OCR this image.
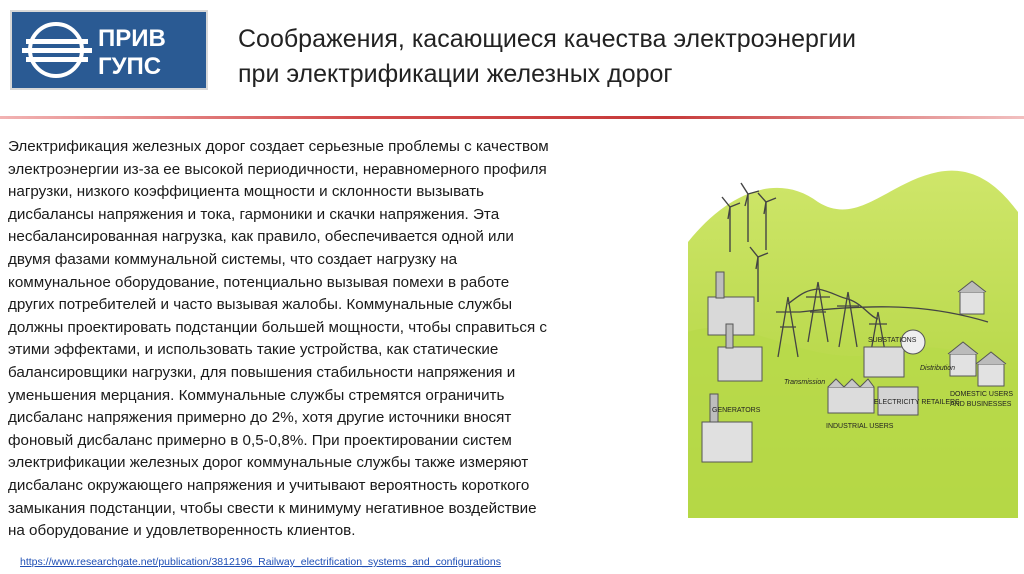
ПРИВ
ГУПС
Соображения, касающиеся качества электроэнергии
при электрификации железных дорог
Электрификация железных дорог создает серьезные проблемы с качеством
электроэнергии из-за ее высокой периодичности, неравномерного профиля
нагрузки, низкого коэффициента мощности и склонности вызывать
дисбалансы напряжения и тока, гармоники и скачки напряжения. Эта
несбалансированная нагрузка, как правило, обеспечивается одной или
двумя фазами коммунальной системы, что создает нагрузку на
коммунальное оборудование, потенциально вызывая помехи в работе
других потребителей и часто вызывая жалобы. Коммунальные службы
должны проектировать подстанции большей мощности, чтобы справиться с
этими эффектами, и использовать такие устройства, как статические
балансировщики нагрузки, для повышения стабильности напряжения и
уменьшения мерцания. Коммунальные службы стремятся ограничить
дисбаланс напряжения примерно до 2%, хотя другие источники вносят
фоновый дисбаланс примерно в 0,5-0,8%. При проектировании систем
электрификации железных дорог коммунальные службы также измеряют
дисбаланс окружающего напряжения и учитывают вероятность короткого
замыкания подстанции, чтобы свести к минимуму негативное воздействие
на оборудование и удовлетворенность клиентов.
GENERATORS
Transmission
SUBSTATIONS
Distribution
INDUSTRIAL USERS
ELECTRICITY RETAILERS
DOMESTIC USERS
AND BUSINESSES
https://www.researchgate.net/publication/3812196_Railway_electrification_systems_and_configurations
